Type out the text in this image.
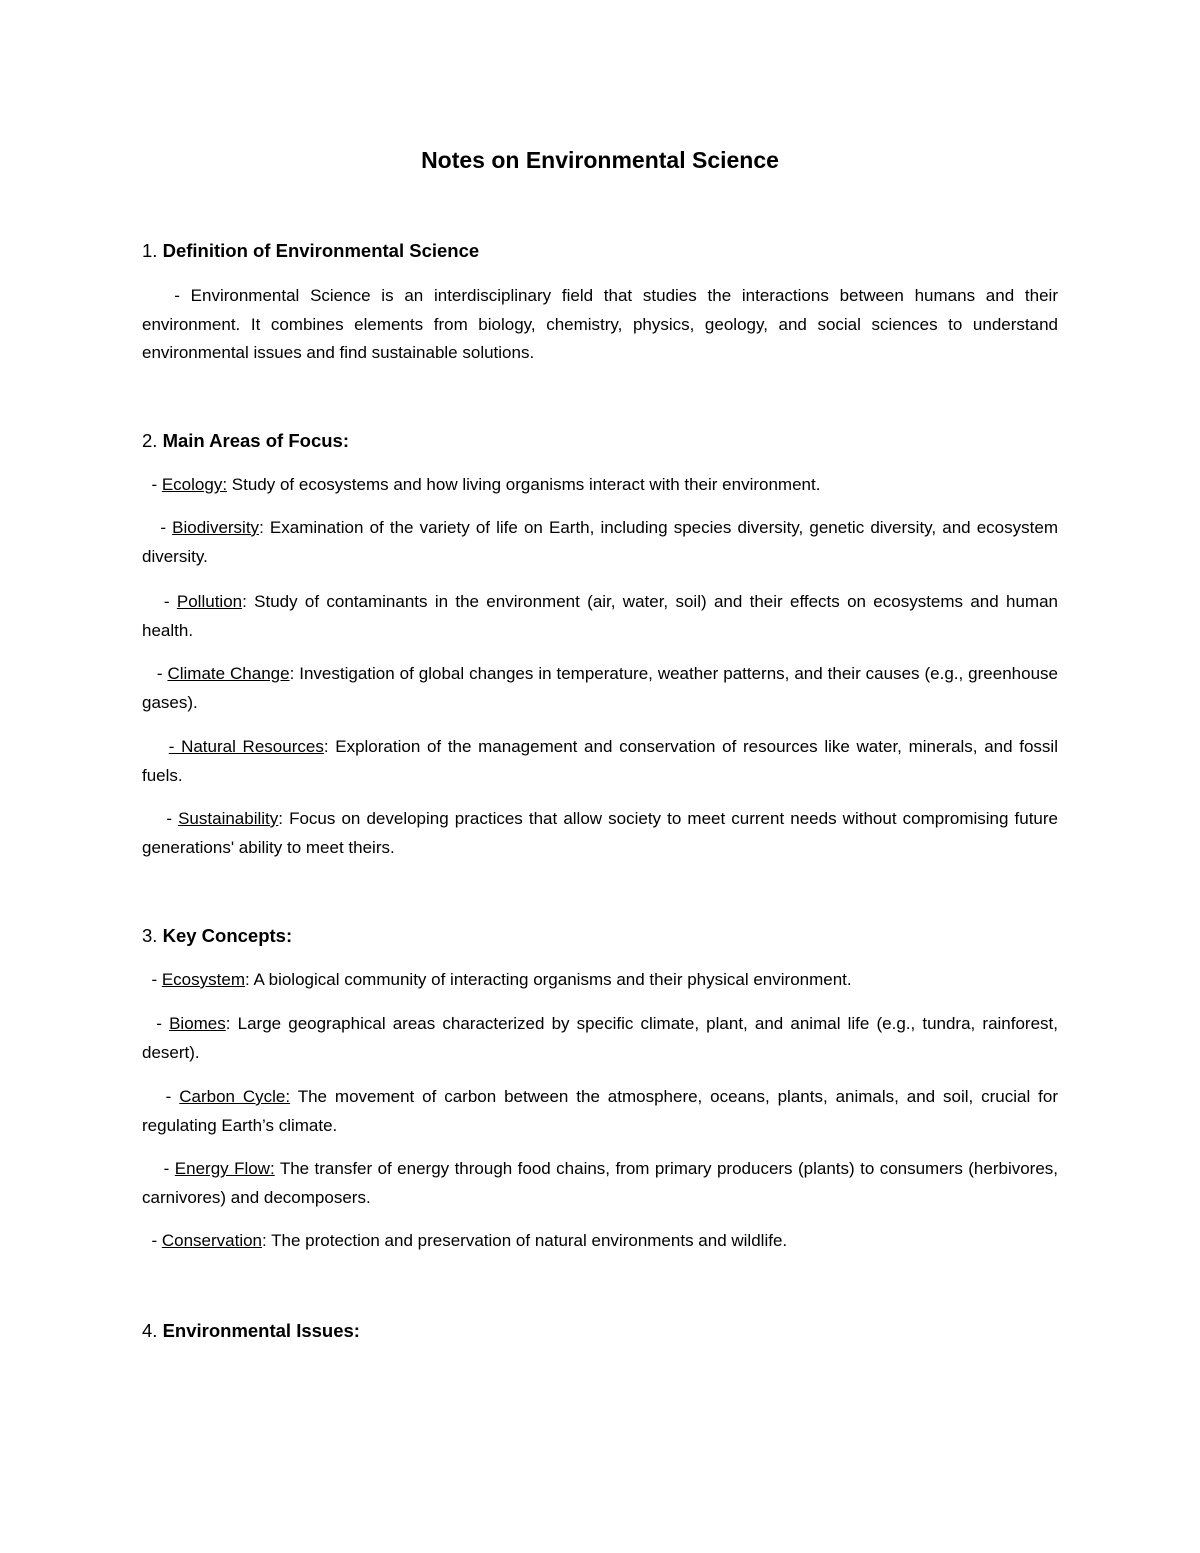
Notes on Environmental Science

1. Definition of Environmental Science

- Environmental Science is an interdisciplinary field that studies the interactions between humans and their environment. It combines elements from biology, chemistry, physics, geology, and social sciences to understand environmental issues and find sustainable solutions.

2. Main Areas of Focus:

- Ecology: Study of ecosystems and how living organisms interact with their environment.

- Biodiversity: Examination of the variety of life on Earth, including species diversity, genetic diversity, and ecosystem diversity.

- Pollution: Study of contaminants in the environment (air, water, soil) and their effects on ecosystems and human health.

- Climate Change: Investigation of global changes in temperature, weather patterns, and their causes (e.g., greenhouse gases).

- Natural Resources: Exploration of the management and conservation of resources like water, minerals, and fossil fuels.

- Sustainability: Focus on developing practices that allow society to meet current needs without compromising future generations' ability to meet theirs.

3. Key Concepts:

- Ecosystem: A biological community of interacting organisms and their physical environment.

- Biomes: Large geographical areas characterized by specific climate, plant, and animal life (e.g., tundra, rainforest, desert).

- Carbon Cycle: The movement of carbon between the atmosphere, oceans, plants, animals, and soil, crucial for regulating Earth’s climate.

- Energy Flow: The transfer of energy through food chains, from primary producers (plants) to consumers (herbivores, carnivores) and decomposers.

- Conservation: The protection and preservation of natural environments and wildlife.

4. Environmental Issues:
